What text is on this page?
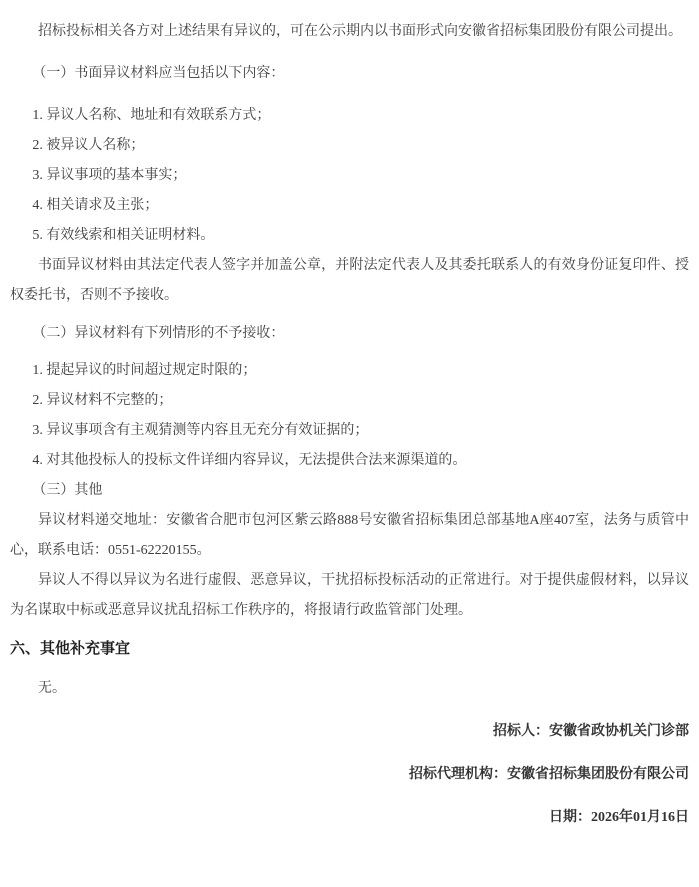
招标投标相关各方对上述结果有异议的，可在公示期内以书面形式向安徽省招标集团股份有限公司提出。

（一）书面异议材料应当包括以下内容：

1. 异议人名称、地址和有效联系方式；

2. 被异议人名称；

3. 异议事项的基本事实；

4. 相关请求及主张；

5. 有效线索和相关证明材料。

书面异议材料由其法定代表人签字并加盖公章，并附法定代表人及其委托联系人的有效身份证复印件、授权委托书，否则不予接收。

（二）异议材料有下列情形的不予接收：

1. 提起异议的时间超过规定时限的；

2. 异议材料不完整的；

3. 异议事项含有主观猜测等内容且无充分有效证据的；

4. 对其他投标人的投标文件详细内容异议，无法提供合法来源渠道的。

（三）其他

异议材料递交地址：安徽省合肥市包河区紫云路888号安徽省招标集团总部基地A座407室，法务与质管中心，联系电话：0551-62220155。

异议人不得以异议为名进行虚假、恶意异议，干扰招标投标活动的正常进行。对于提供虚假材料，以异议为名谋取中标或恶意异议扰乱招标工作秩序的，将报请行政监管部门处理。

六、其他补充事宜

无。

招标人：安徽省政协机关门诊部

招标代理机构：安徽省招标集团股份有限公司

日期：2026年01月16日
